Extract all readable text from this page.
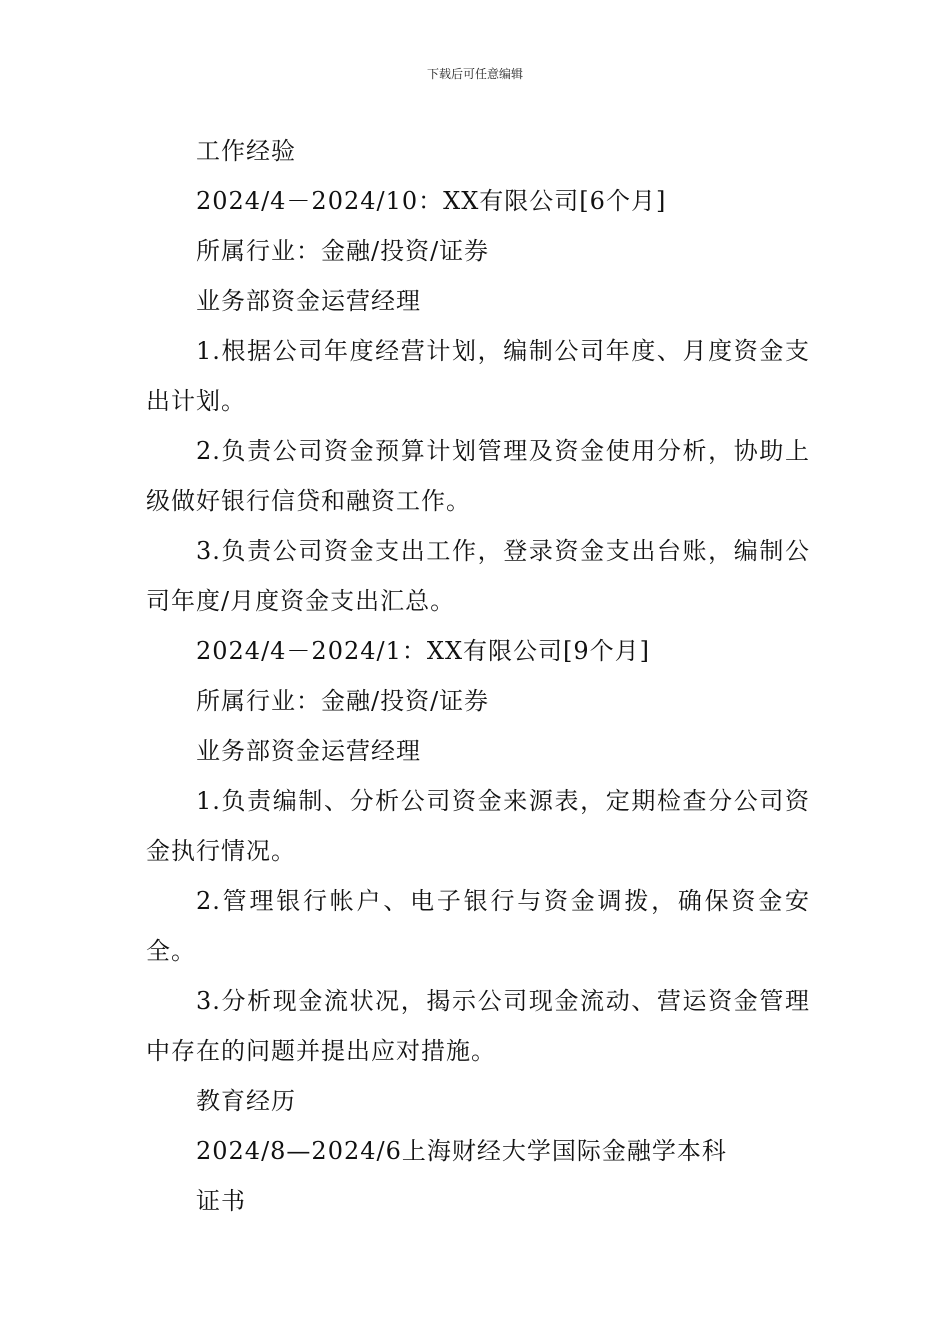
下载后可任意编辑

工作经验

2024/4－2024/10：XX有限公司[6个月]

所属行业：金融/投资/证券

业务部资金运营经理

1.根据公司年度经营计划，编制公司年度、月度资金支出计划。

2.负责公司资金预算计划管理及资金使用分析，协助上级做好银行信贷和融资工作。

3.负责公司资金支出工作，登录资金支出台账，编制公司年度/月度资金支出汇总。

2024/4－2024/1：XX有限公司[9个月]

所属行业：金融/投资/证券

业务部资金运营经理

1.负责编制、分析公司资金来源表，定期检查分公司资金执行情况。

2.管理银行帐户、电子银行与资金调拨，确保资金安全。

3.分析现金流状况，揭示公司现金流动、营运资金管理中存在的问题并提出应对措施。

教育经历

2024/8—2024/6上海财经大学国际金融学本科

证书
